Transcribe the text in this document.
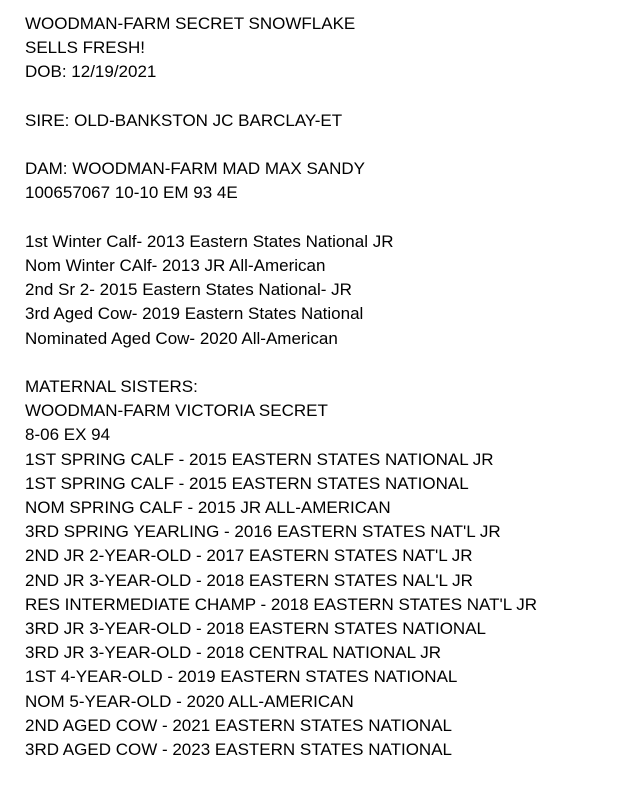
WOODMAN-FARM SECRET SNOWFLAKE
SELLS FRESH!
DOB: 12/19/2021
SIRE: OLD-BANKSTON JC BARCLAY-ET
DAM: WOODMAN-FARM MAD MAX SANDY
100657067 10-10 EM 93 4E
1st Winter Calf- 2013 Eastern States National JR
Nom Winter CAlf- 2013 JR All-American
2nd Sr 2- 2015 Eastern States National- JR
3rd Aged Cow- 2019 Eastern States National
Nominated Aged Cow- 2020 All-American
MATERNAL SISTERS:
WOODMAN-FARM VICTORIA SECRET
8-06 EX 94
1ST SPRING CALF - 2015 EASTERN STATES NATIONAL JR
1ST SPRING CALF - 2015 EASTERN STATES NATIONAL
NOM SPRING CALF - 2015 JR ALL-AMERICAN
3RD SPRING YEARLING - 2016 EASTERN STATES NAT'L JR
2ND JR 2-YEAR-OLD - 2017 EASTERN STATES NAT'L JR
2ND JR 3-YEAR-OLD - 2018 EASTERN STATES NAL'L JR
RES INTERMEDIATE CHAMP - 2018 EASTERN STATES NAT'L JR
3RD JR 3-YEAR-OLD - 2018 EASTERN STATES NATIONAL
3RD JR 3-YEAR-OLD - 2018 CENTRAL NATIONAL JR
1ST 4-YEAR-OLD - 2019 EASTERN STATES NATIONAL
NOM 5-YEAR-OLD - 2020 ALL-AMERICAN
2ND AGED COW - 2021 EASTERN STATES NATIONAL
3RD AGED COW - 2023 EASTERN STATES NATIONAL
